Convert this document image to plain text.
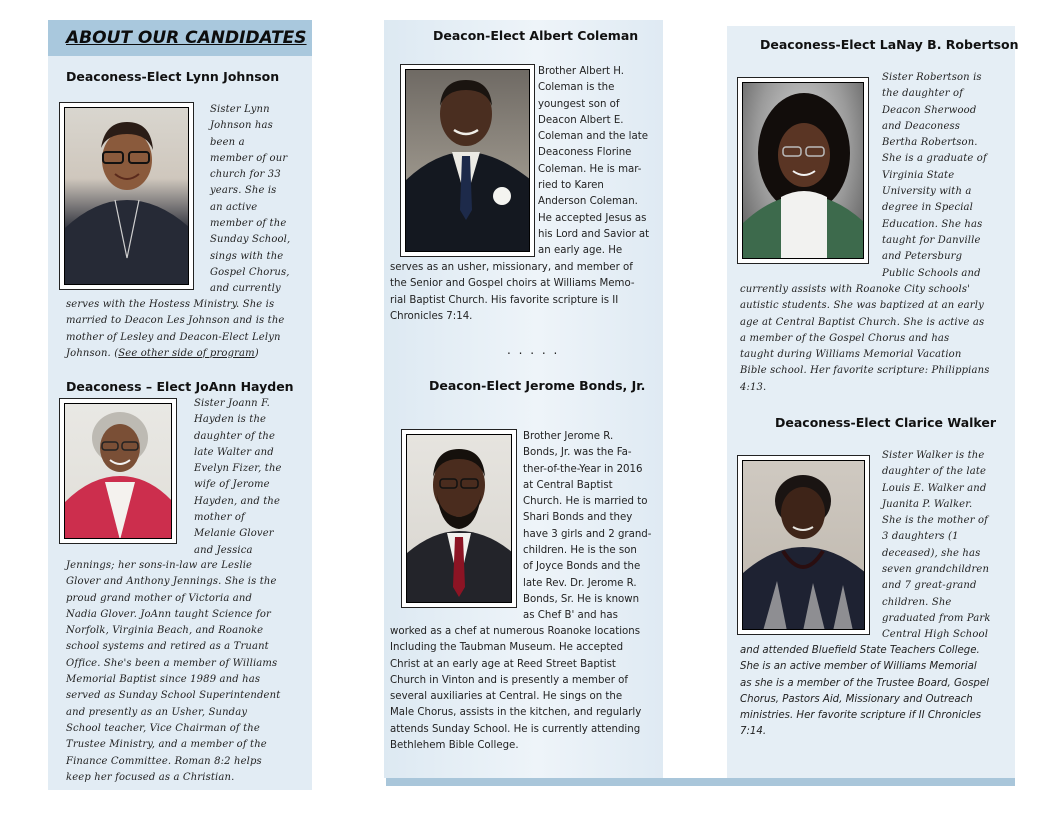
ABOUT OUR CANDIDATES
Deaconess-Elect Lynn Johnson

Sister Lynn

Johnson has

been a

member of our

church for 33

years. She is

an active

member of the

Sunday School,

sings with the

Gospel Chorus,

and currently

serves with the Hostess Ministry. She is

married to Deacon Les Johnson and is the

mother of Lesley and Deacon-Elect Lelyn

Johnson. (See other side of program)

Deaconess – Elect JoAnn Hayden

Sister Joann F.

Hayden is the

daughter of the

late Walter and

Evelyn Fizer, the

wife of Jerome

Hayden, and the

mother of

Melanie Glover

and Jessica

Jennings; her sons-in-law are Leslie

Glover and Anthony Jennings. She is the

proud grand mother of Victoria and

Nadia Glover. JoAnn taught Science for

Norfolk, Virginia Beach, and Roanoke

school systems and retired as a Truant

Office. She's been a member of Williams

Memorial Baptist since 1989 and has

served as Sunday School Superintendent

and presently as an Usher, Sunday

School teacher, Vice Chairman of the

Trustee Ministry, and a member of the

Finance Committee. Roman 8:2 helps

keep her focused as a Christian.

Deacon-Elect Albert Coleman

Brother Albert H.

Coleman is the

youngest son of

Deacon Albert E.

Coleman and the late

Deaconess Florine

Coleman. He is mar-

ried to Karen

Anderson Coleman.

He accepted Jesus as

his Lord and Savior at

an early age. He

serves as an usher, missionary, and member of

the Senior and Gospel choirs at Williams Memo-

rial Baptist Church. His favorite scripture is II

Chronicles 7:14.

. . . . .
Deacon-Elect Jerome Bonds, Jr.

Brother Jerome R.

Bonds, Jr. was the Fa-

ther-of-the-Year in 2016

at Central Baptist

Church. He is married to

Shari Bonds and they

have 3 girls and 2 grand-

children. He is the son

of Joyce Bonds and the

late Rev. Dr. Jerome R.

Bonds, Sr. He is known

as Chef B' and has

worked as a chef at numerous Roanoke locations

Including the Taubman Museum. He accepted

Christ at an early age at Reed Street Baptist

Church in Vinton and is presently a member of

several auxiliaries at Central. He sings on the

Male Chorus, assists in the kitchen, and regularly

attends Sunday School. He is currently attending

Bethlehem Bible College.

Deaconess-Elect LaNay B. Robertson

Sister Robertson is

the daughter of

Deacon Sherwood

and Deaconess

Bertha Robertson.

She is a graduate of

Virginia State

University with a

degree in Special

Education. She has

taught for Danville

and Petersburg

Public Schools and

currently assists with Roanoke City schools'

autistic students. She was baptized at an early

age at Central Baptist Church. She is active as

a member of the Gospel Chorus and has

taught during Williams Memorial Vacation

Bible school. Her favorite scripture: Philippians

4:13.

Deaconess-Elect Clarice Walker

Sister Walker is the

daughter of the late

Louis E. Walker and

Juanita P. Walker.

She is the mother of

3 daughters (1

deceased), she has

seven grandchildren

and 7 great-grand

children. She

graduated from Park

Central High School

and attended Bluefield State Teachers College.

She is an active member of Williams Memorial

as she is a member of the Trustee Board, Gospel

Chorus, Pastors Aid, Missionary and Outreach

ministries. Her favorite scripture if II Chronicles

7:14.
